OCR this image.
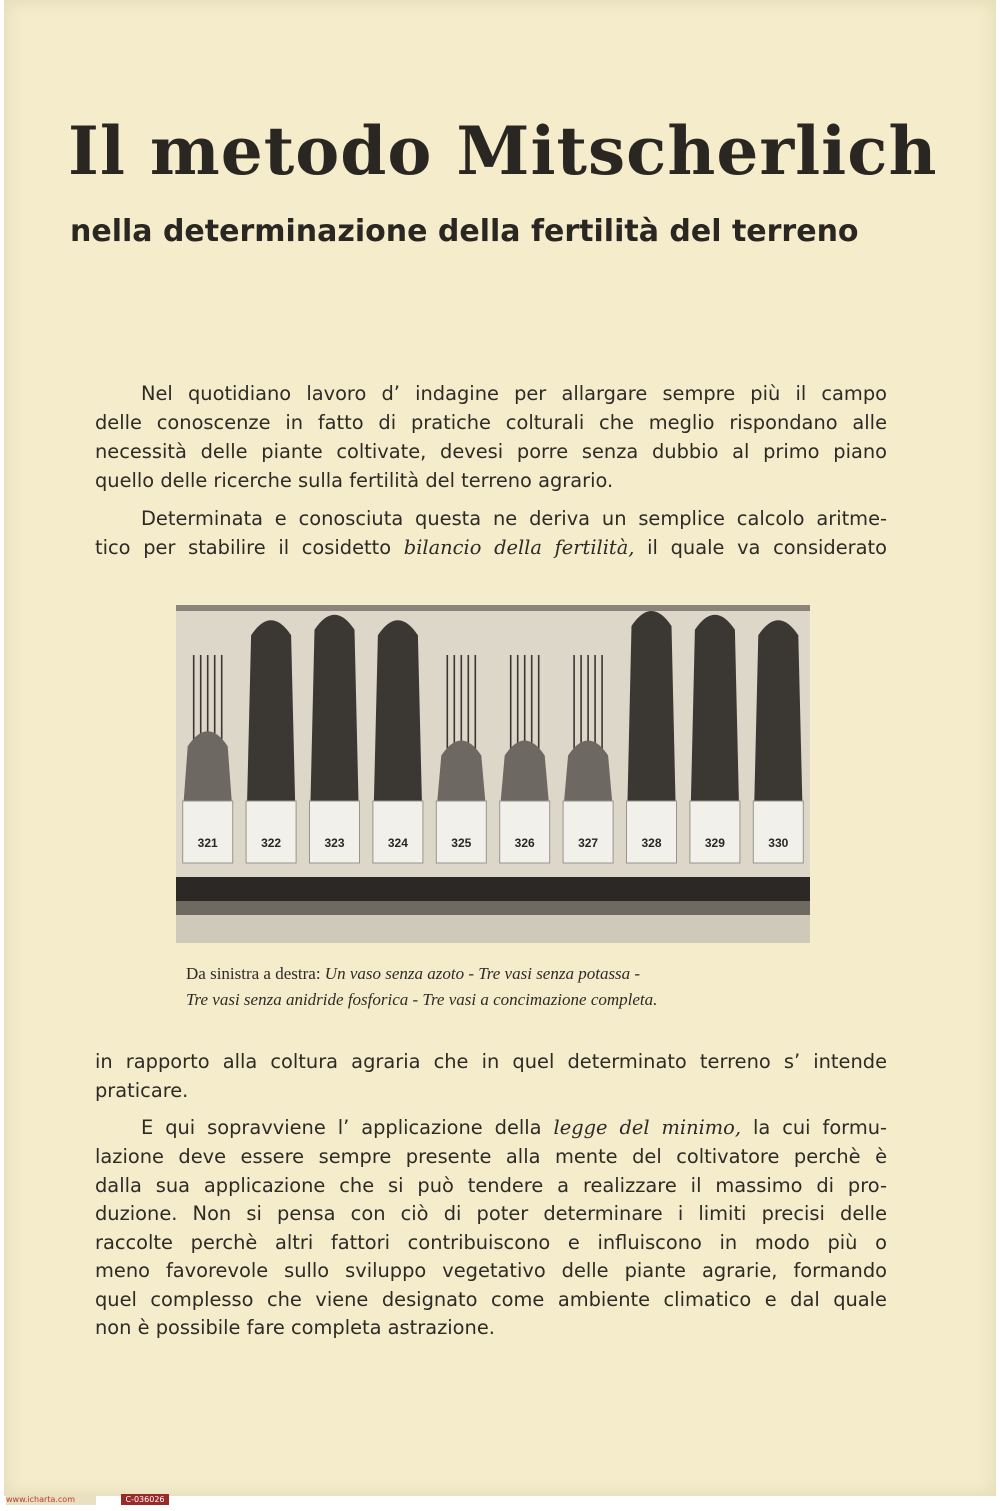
Il metodo Mitscherlich
nella determinazione della fertilità del terreno
Nel quotidiano lavoro d’ indagine per allargare sempre più il campo
delle conoscenze in fatto di pratiche colturali che meglio rispondano alle
necessità delle piante coltivate, devesi porre senza dubbio al primo piano
quello delle ricerche sulla fertilità del terreno agrario.
Determinata e conosciuta questa ne deriva un semplice calcolo aritme-
tico per stabilire il cosidetto bilancio della fertilità, il quale va considerato
321	322	323	324	325	326	327	328	329	330
Da sinistra a destra: Un vaso senza azoto - Tre vasi senza potassa -
Tre vasi senza anidride fosforica - Tre vasi a concimazione completa.
in rapporto alla coltura agraria che in quel determinato terreno s’ intende
praticare.
E qui sopravviene l’ applicazione della legge del minimo, la cui formu-
lazione deve essere sempre presente alla mente del coltivatore perchè è
dalla sua applicazione che si può tendere a realizzare il massimo di pro-
duzione. Non si pensa con ciò di poter determinare i limiti precisi delle
raccolte perchè altri fattori contribuiscono e influiscono in modo più o
meno favorevole sullo sviluppo vegetativo delle piante agrarie, formando
quel complesso che viene designato come ambiente climatico e dal quale
non è possibile fare completa astrazione.
www.icharta.com	C-036026
